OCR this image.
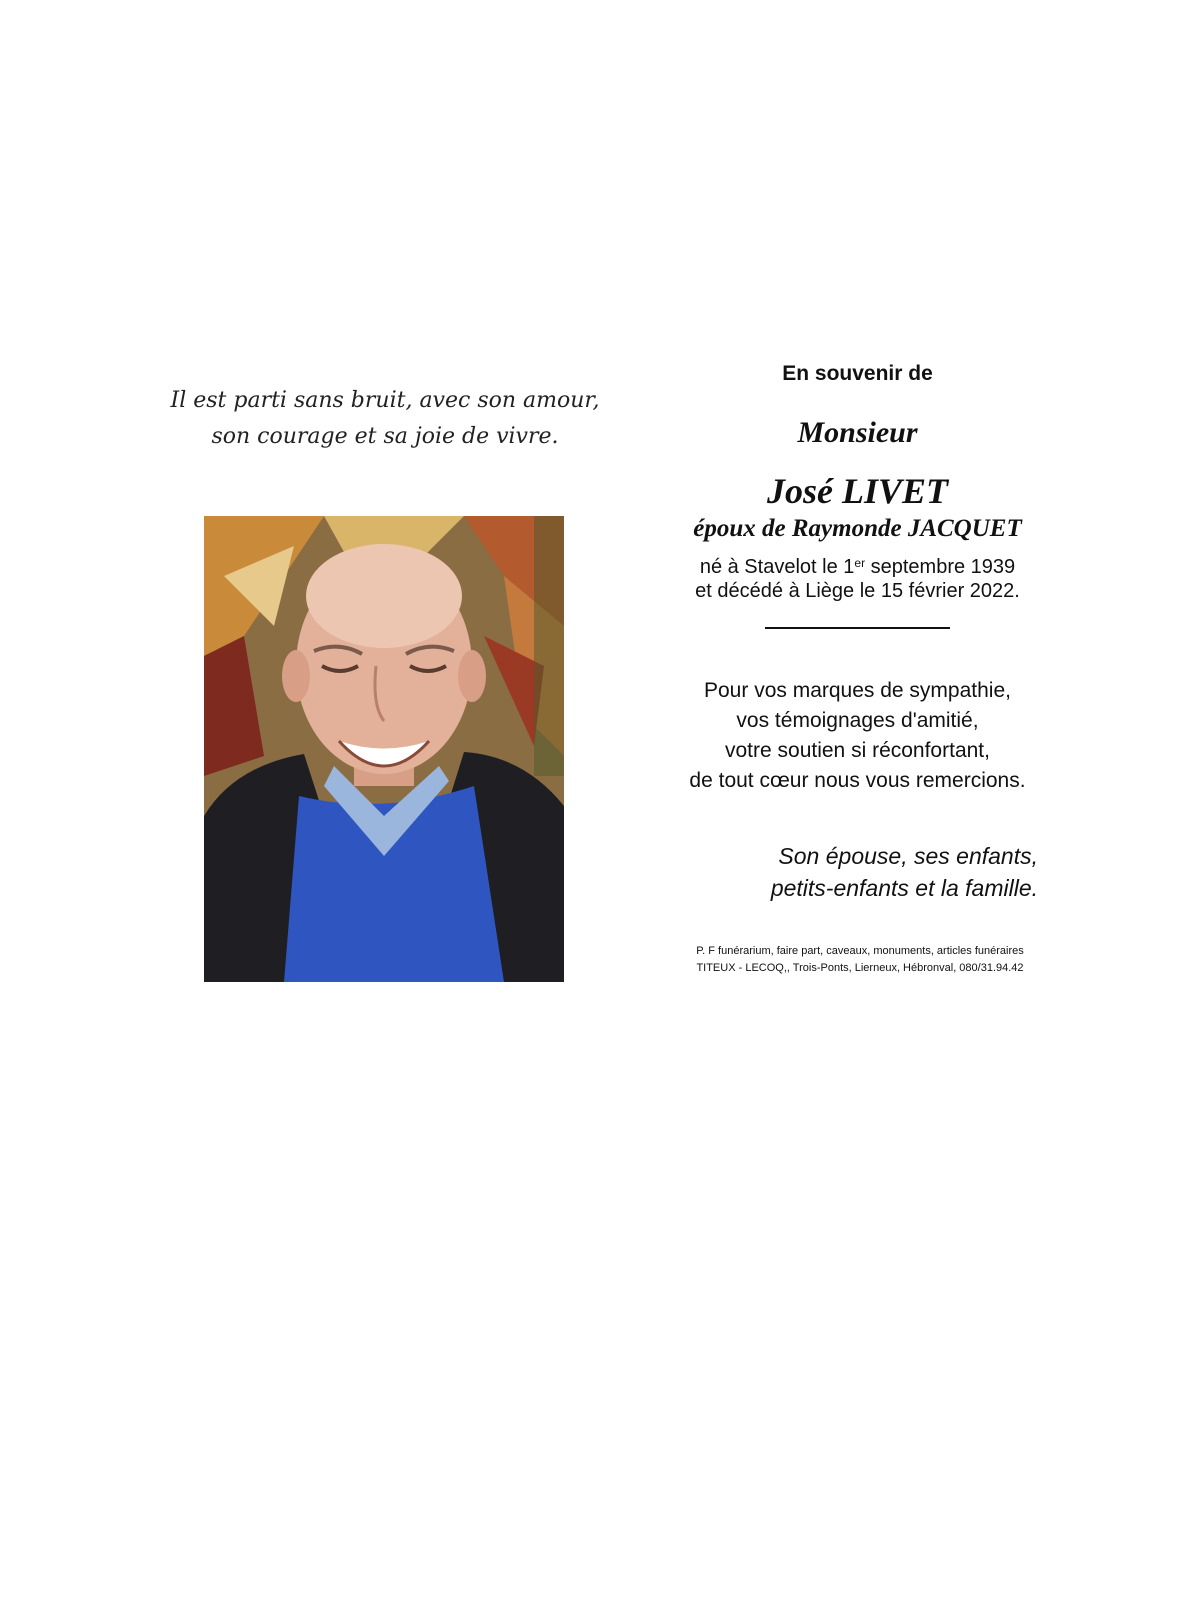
Il est parti sans bruit, avec son amour,
son courage et sa joie de vivre.
En souvenir de
Monsieur
José LIVET
époux de Raymonde JACQUET
né à Stavelot le 1er septembre 1939
et décédé à Liège le 15 février 2022.
Pour vos marques de sympathie,
vos témoignages d'amitié,
votre soutien si réconfortant,
de tout cœur nous vous remercions.
Son épouse, ses enfants,
petits-enfants et la famille.
P. F funérarium, faire part, caveaux, monuments, articles funéraires
TITEUX - LECOQ,, Trois-Ponts, Lierneux, Hébronval, 080/31.94.42
